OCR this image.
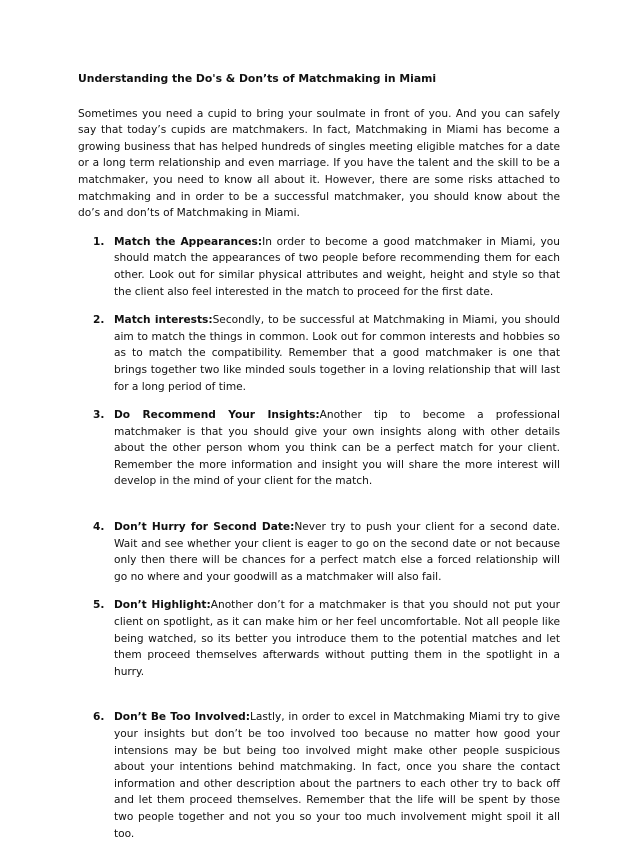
Understanding the Do's & Don’ts of Matchmaking in Miami

Sometimes you need a cupid to bring your soulmate in front of you. And you can safely say that today’s cupids are matchmakers. In fact, Matchmaking in Miami has become a growing business that has helped hundreds of singles meeting eligible matches for a date or a long term relationship and even marriage. If you have the talent and the skill to be a matchmaker, you need to know all about it. However, there are some risks attached to matchmaking and in order to be a successful matchmaker, you should know about the do’s and don’ts of Matchmaking in Miami.

1. Match the Appearances:In order to become a good matchmaker in Miami, you should match the appearances of two people before recommending them for each other. Look out for similar physical attributes and weight, height and style so that the client also feel interested in the match to proceed for the first date.
2. Match interests:Secondly, to be successful at Matchmaking in Miami, you should aim to match the things in common. Look out for common interests and hobbies so as to match the compatibility. Remember that a good matchmaker is one that brings together two like minded souls together in a loving relationship that will last for a long period of time.
3. Do Recommend Your Insights:Another tip to become a professional matchmaker is that you should give your own insights along with other details about the other person whom you think can be a perfect match for your client. Remember the more information and insight you will share the more interest will develop in the mind of your client for the match.
4. Don’t Hurry for Second Date:Never try to push your client for a second date. Wait and see whether your client is eager to go on the second date or not because only then there will be chances for a perfect match else a forced relationship will go no where and your goodwill as a matchmaker will also fail.
5. Don’t Highlight:Another don’t for a matchmaker is that you should not put your client on spotlight, as it can make him or her feel uncomfortable. Not all people like being watched, so its better you introduce them to the potential matches and let them proceed themselves afterwards without putting them in the spotlight in a hurry.
6. Don’t Be Too Involved:Lastly, in order to excel in Matchmaking Miami try to give your insights but don’t be too involved too because no matter how good your intensions may be but being too involved might make other people suspicious about your intentions behind matchmaking. In fact, once you share the contact information and other description about the partners to each other try to back off and let them proceed themselves. Remember that the life will be spent by those two people together and not you so your too much involvement might spoil it all too.
